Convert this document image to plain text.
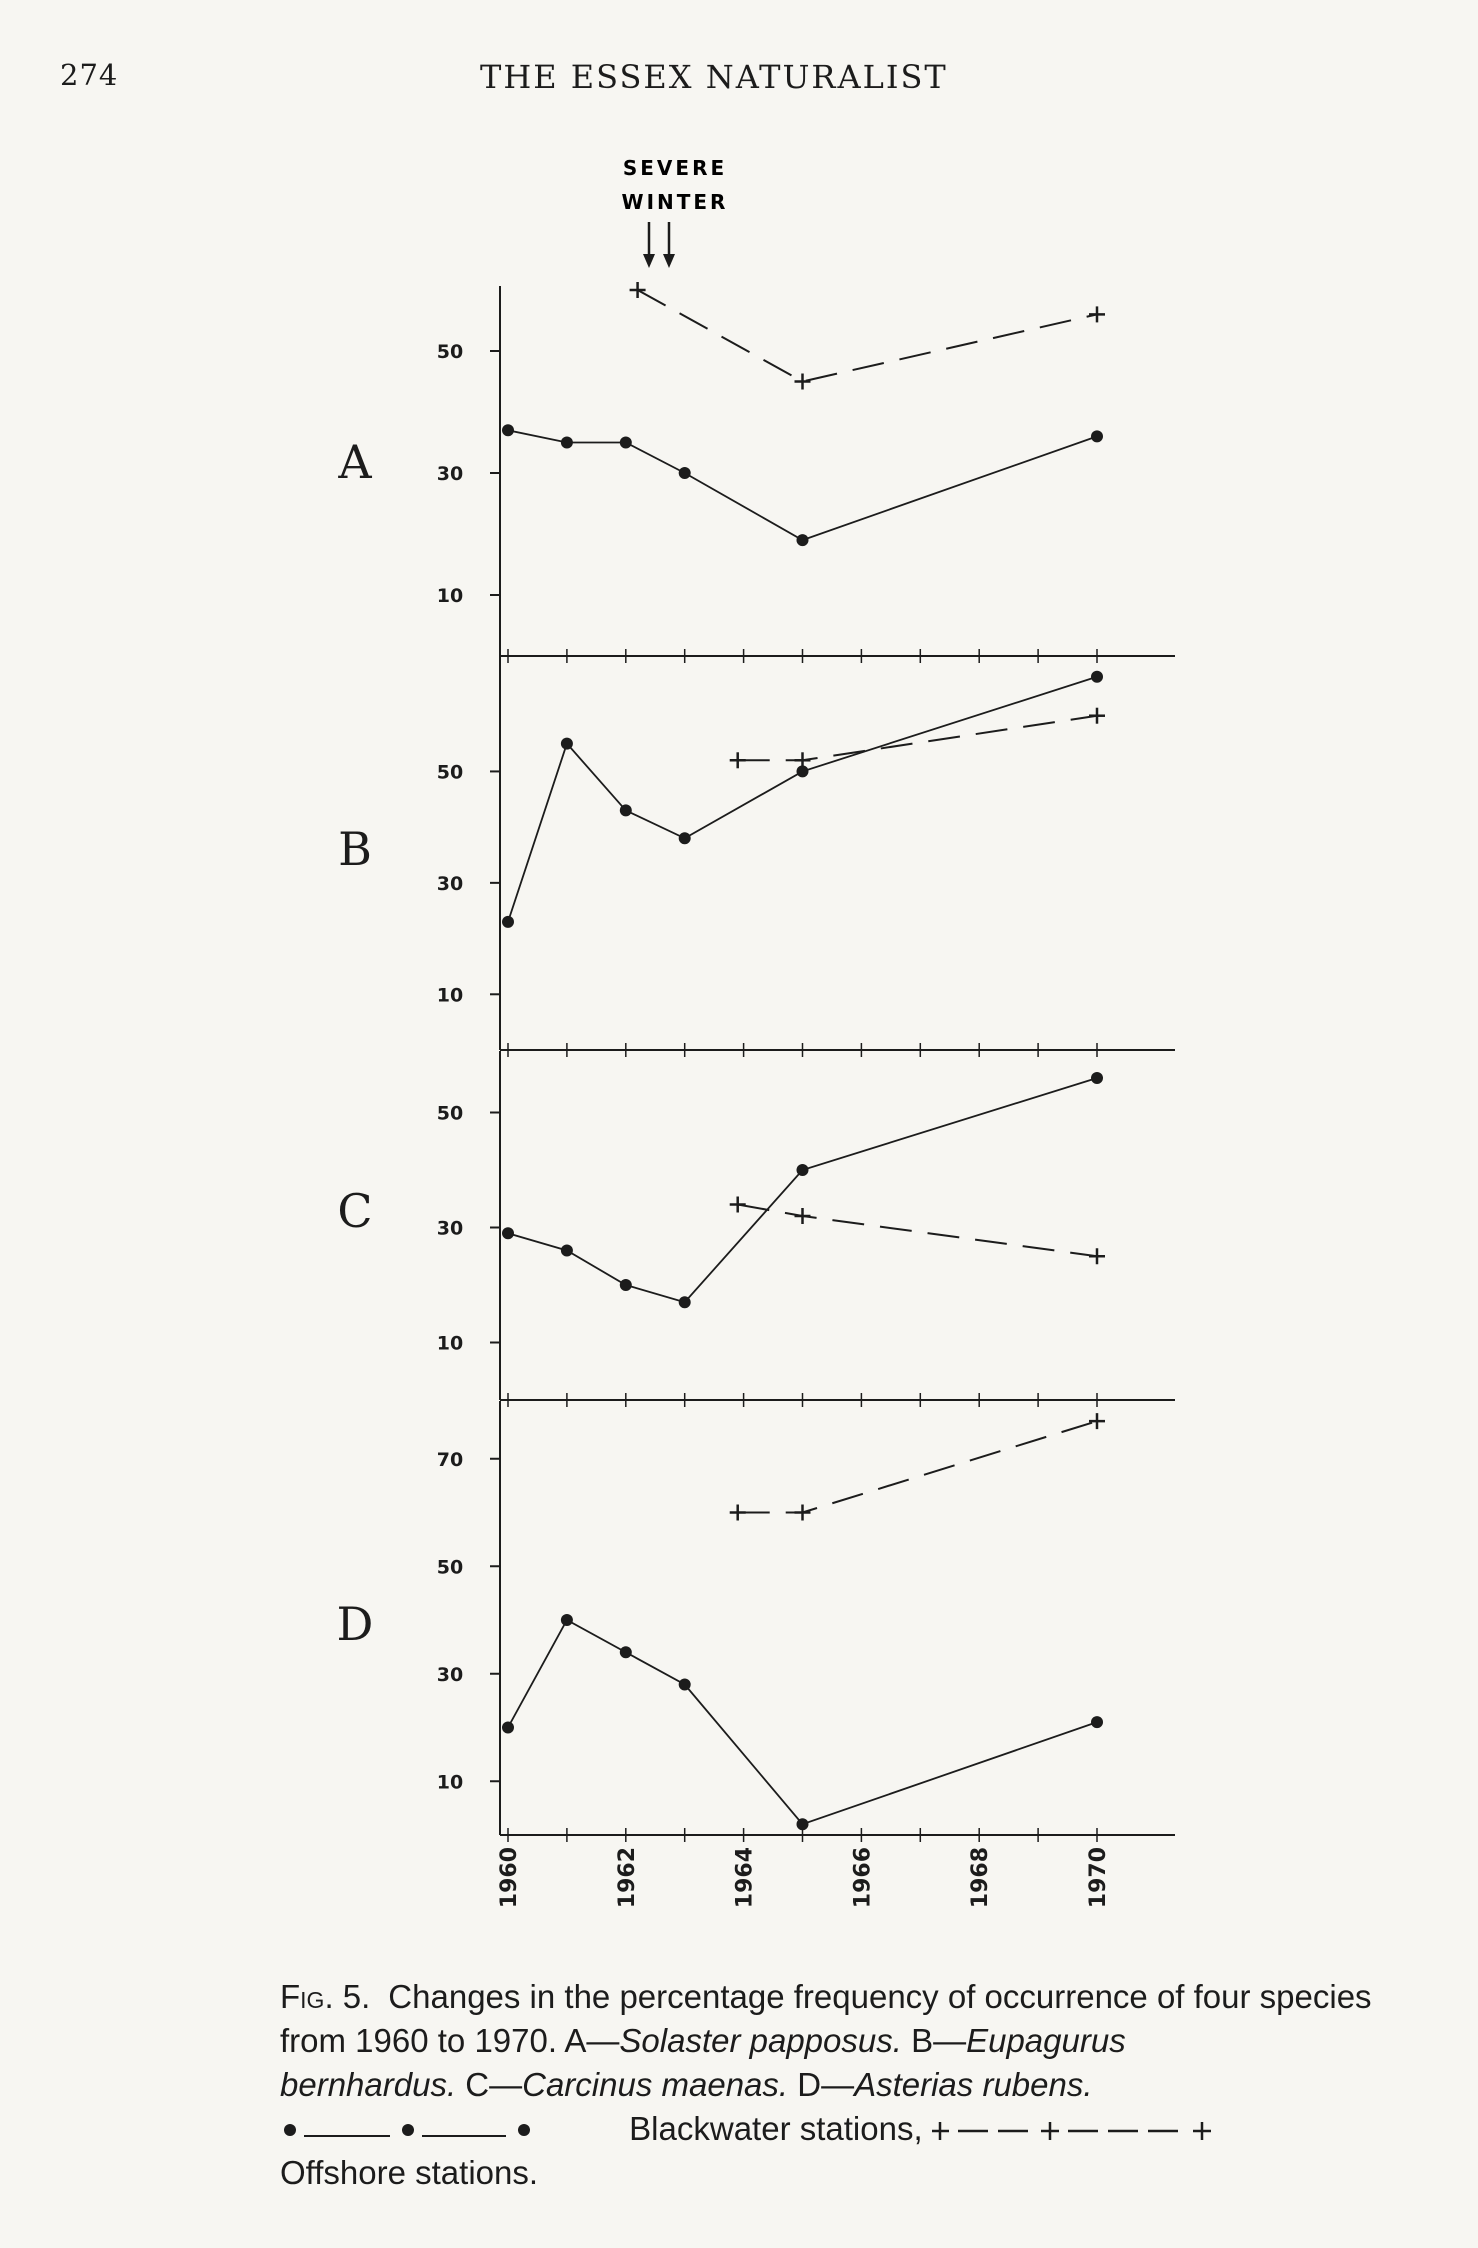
274	THE ESSEX NATURALIST
SEVERE
WINTER
A
10
30
50
B
10
30
50
C
10
30
50
D
10
30
50
70
1960	1962	1964	1966	1968	1970
Fig. 5. Changes in the percentage frequency of occurrence of four species
from 1960 to 1970. A—Solaster papposus. B—Eupagurus
bernhardus. C—Carcinus maenas. D—Asterias rubens.
Blackwater stations,
Offshore stations.
